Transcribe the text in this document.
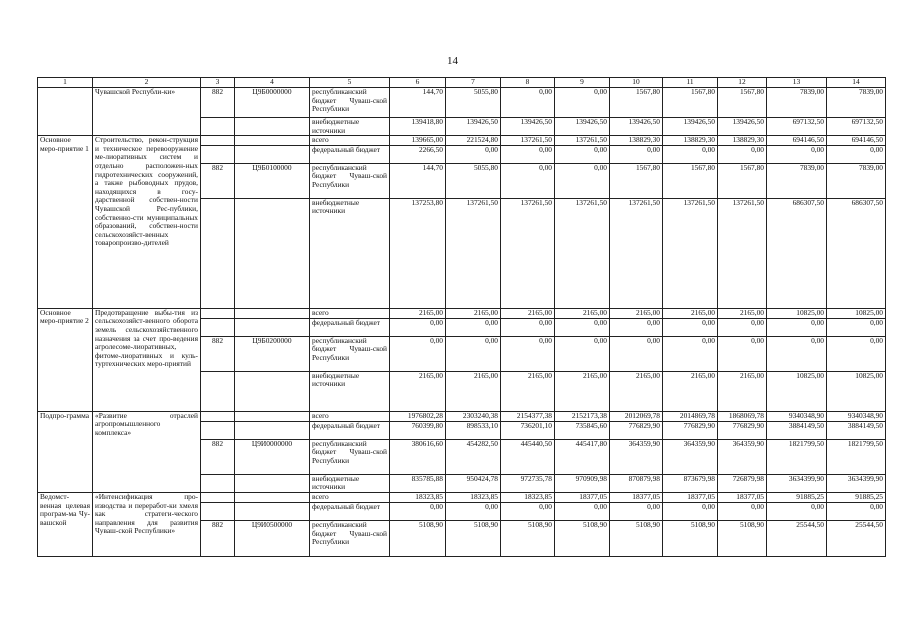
14
1	2	3	4	5	6	7	8	9	10	11	12	13	14
	Чувашской Республи-ки»	882	Ц9Б0000000	республиканский бюджет Чуваш-ской Республики	144,70	5055,80	0,00	0,00	1567,80	1567,80	1567,80	7839,00	7839,00
				внебюджетные источники	139418,80	139426,50	139426,50	139426,50	139426,50	139426,50	139426,50	697132,50	697132,50
Основное меро-приятие 1	Строительство, рекон-струкция и техническое перевооружение ме-лиоративных систем и отдельно расположен-ных гидротехнических сооружений, а также рыбоводных прудов, находящихся в госу-дарственной собствен-ности Чувашской Рес-публики, собственно-сти муниципальных образований, собствен-ности сельскохозяйст-венных товаропроизво-дителей			всего	139665,00	221524,80	137261,50	137261,50	138829,30	138829,30	138829,30	694146,50	694146,50
				федеральный бюджет	2266,50	0,00	0,00	0,00	0,00	0,00	0,00	0,00	0,00
		882	Ц9Б0100000	республиканский бюджет Чуваш-ской Республики	144,70	5055,80	0,00	0,00	1567,80	1567,80	1567,80	7839,00	7839,00
				внебюджетные источники	137253,80	137261,50	137261,50	137261,50	137261,50	137261,50	137261,50	686307,50	686307,50
Основное меро-приятие 2	Предотвращение выбы-тия из сельскохозяйст-венного оборота земель сельскохозяйственного назначения за счет про-ведения агролесоме-лиоративных, фитоме-лиоративных и куль-туртехнических меро-приятий			всего	2165,00	2165,00	2165,00	2165,00	2165,00	2165,00	2165,00	10825,00	10825,00
				федеральный бюджет	0,00	0,00	0,00	0,00	0,00	0,00	0,00	0,00	0,00
		882	Ц9Б0200000	республиканский бюджет Чуваш-ской Республики	0,00	0,00	0,00	0,00	0,00	0,00	0,00	0,00	0,00
				внебюджетные источники	2165,00	2165,00	2165,00	2165,00	2165,00	2165,00	2165,00	10825,00	10825,00
Подпро-грамма	«Развитие отраслей агропромышленного комплекса»			всего	1976802,28	2303240,38	2154377,38	2152173,38	2012069,78	2014869,78	1868069,78	9340348,90	9340348,90
				федеральный бюджет	760399,80	898533,10	736201,10	735845,60	776829,90	776829,90	776829,90	3884149,50	3884149,50
		882	Ц9И0000000	республиканский бюджет Чуваш-ской Республики	380616,60	454282,50	445440,50	445417,80	364359,90	364359,90	364359,90	1821799,50	1821799,50
				внебюджетные источники	835785,88	950424,78	972735,78	970909,98	870879,98	873679,98	726879,98	3634399,90	3634399,90
Ведомст-венная целевая програм-ма Чу-вашской	«Интенсификация про-изводства и переработ-ки хмеля как стратеги-ческого направления для развития Чуваш-ской Республики»			всего	18323,85	18323,85	18323,85	18377,05	18377,05	18377,05	18377,05	91885,25	91885,25
				федеральный бюджет	0,00	0,00	0,00	0,00	0,00	0,00	0,00	0,00	0,00
		882	Ц9И0500000	республиканский бюджет Чуваш-ской Республики	5108,90	5108,90	5108,90	5108,90	5108,90	5108,90	5108,90	25544,50	25544,50
